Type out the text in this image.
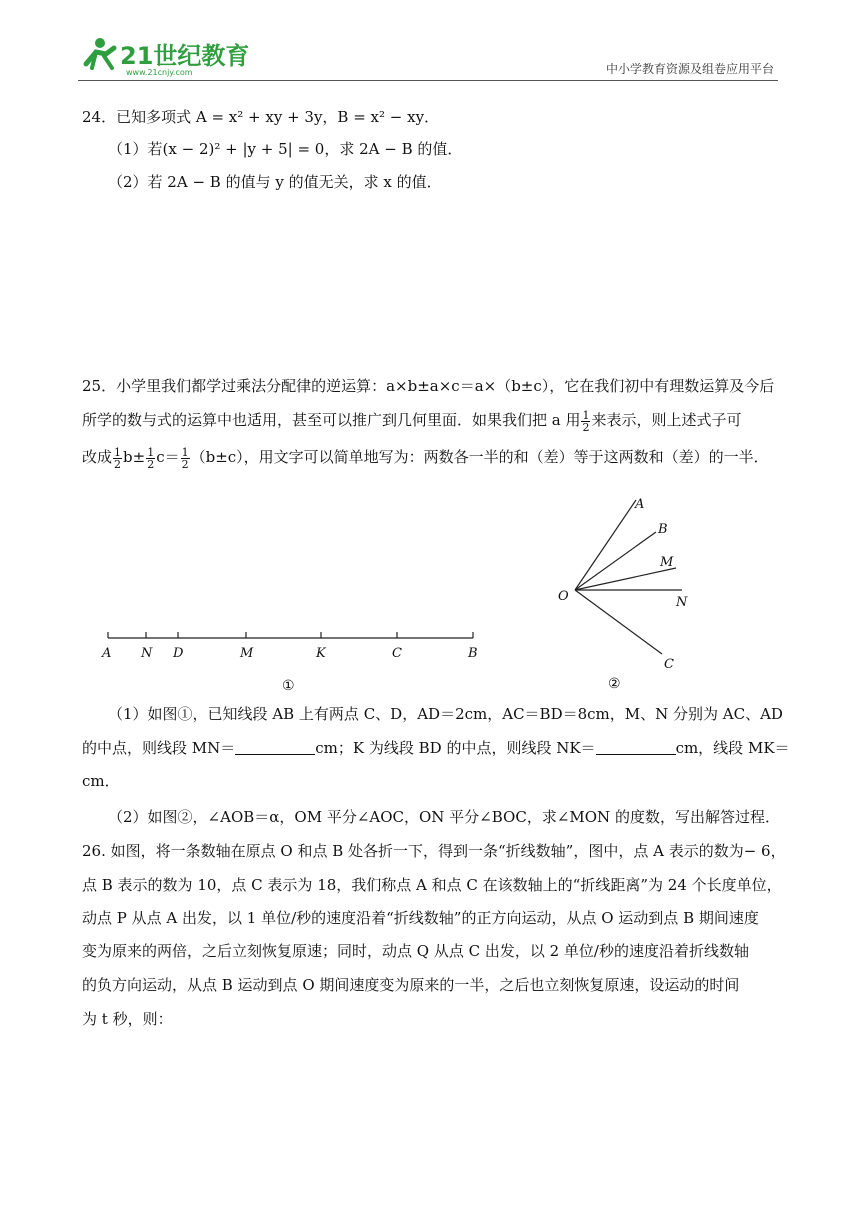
21世纪教育
www.21cnjy.com	中小学教育资源及组卷应用平台
24．已知多项式 A = x² + xy + 3y，B = x² − xy．
（1）若(x − 2)² + |y + 5| = 0，求 2A − B 的值．
（2）若 2A − B 的值与 y 的值无关，求 x 的值．
25．小学里我们都学过乘法分配律的逆运算：a×b±a×c＝a×（b±c），它在我们初中有理数运算及今后
所学的数与式的运算中也适用，甚至可以推广到几何里面．如果我们把 a 用 $\frac{1}{2}$ 来表示，则上述式子可
改成 $\frac{1}{2} b\pm \frac{1}{2} c= \frac{1}{2} (b\pm c)$，用文字可以简单地写为：两数各一半的和（差）等于这两数和（差）的一半．
A N D	M	K	C	B
①
A
B
M
O	N
C
②
（1）如图①，已知线段 AB 上有两点 C、D，AD＝2cm，AC＝BD＝8cm，M、N 分别为 AC、AD
的中点，则线段 MN＝	cm；K 为线段 BD 的中点，则线段 NK＝	cm，线段 MK＝
cm．
（2）如图②，∠AOB＝α，OM 平分∠AOC，ON 平分∠BOC，求∠MON 的度数，写出解答过程．
26. 如图，将一条数轴在原点 O 和点 B 处各折一下，得到一条“折线数轴”，图中，点 A 表示的数为− 6，
点 B 表示的数为 10，点 C 表示为 18，我们称点 A 和点 C 在该数轴上的“折线距离”为 24 个长度单位，
动点 P 从点 A 出发，以 1 单位/秒的速度沿着“折线数轴”的正方向运动，从点 O 运动到点 B 期间速度
变为原来的两倍，之后立刻恢复原速；同时，动点 Q 从点 C 出发，以 2 单位/秒的速度沿着折线数轴
的负方向运动，从点 B 运动到点 O 期间速度变为原来的一半，之后也立刻恢复原速，设运动的时间
为 t 秒，则：
